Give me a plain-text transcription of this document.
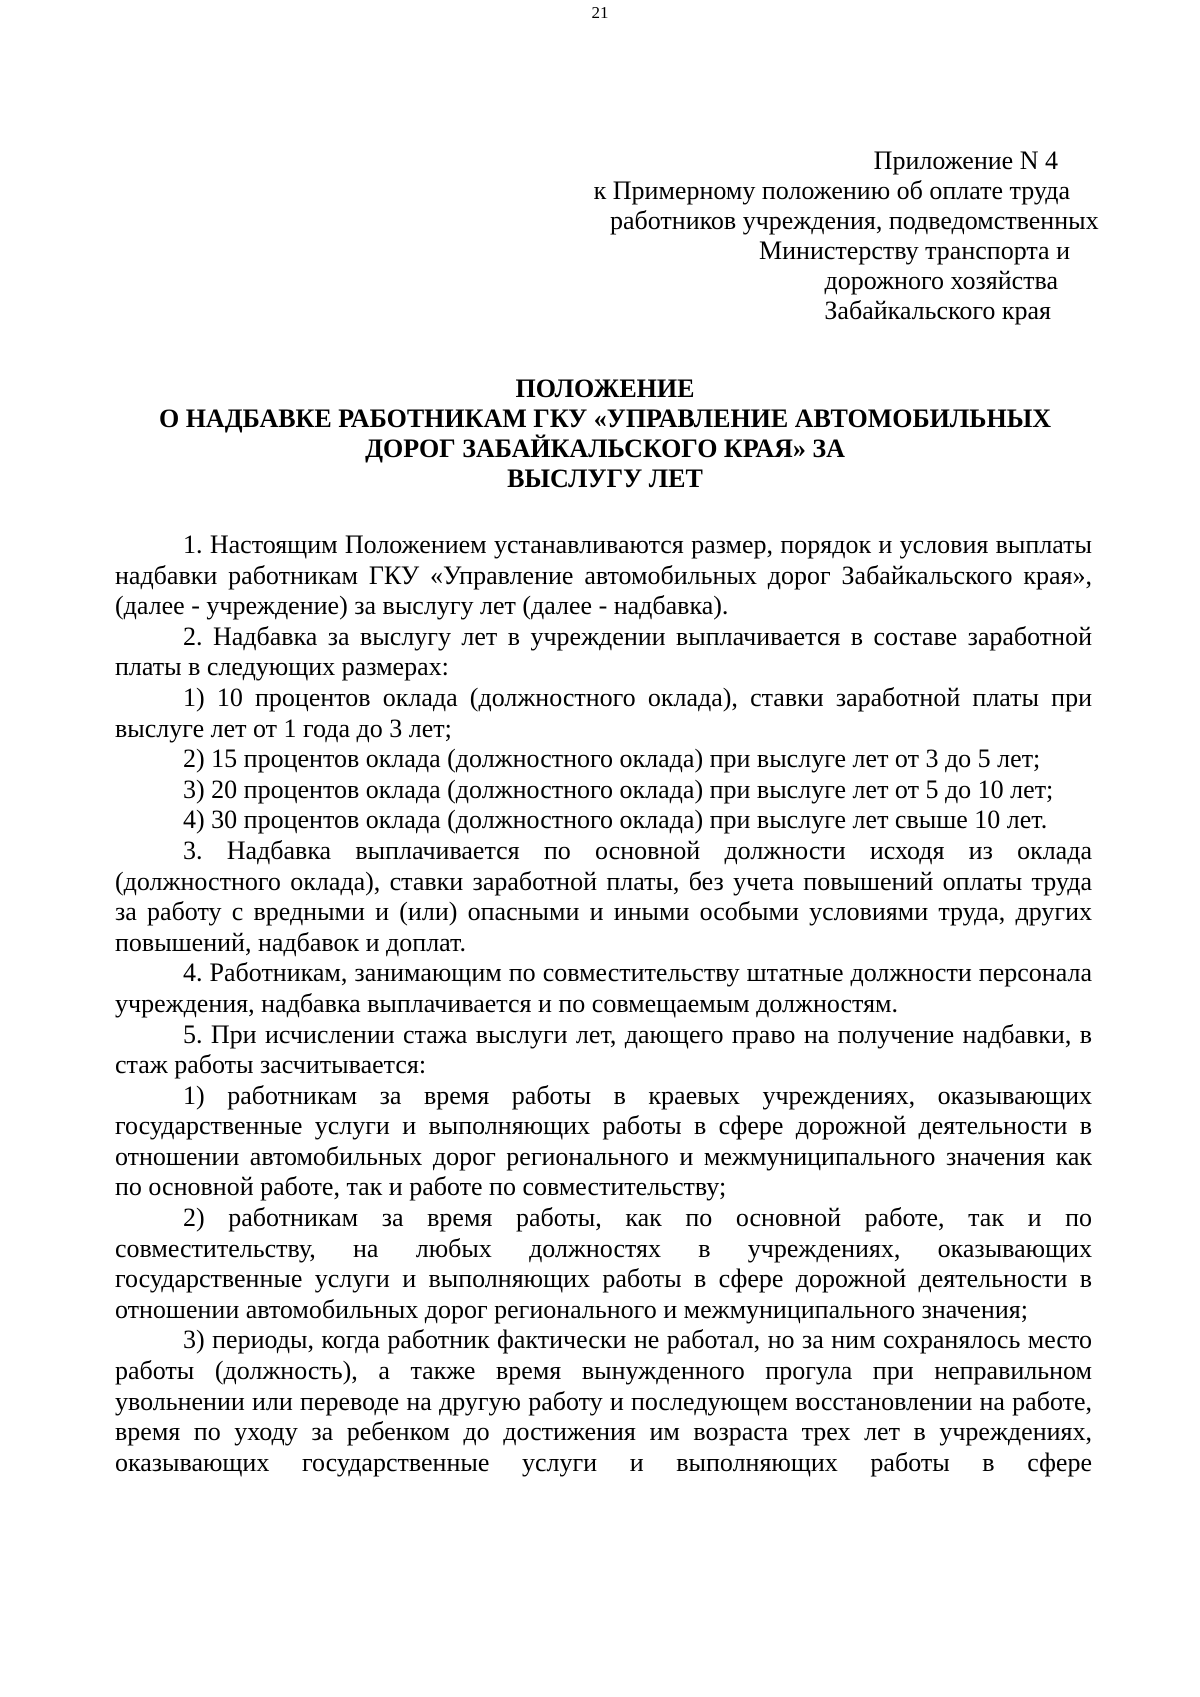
21
Приложение N 4
к Примерному положению об оплате труда
работников учреждения, подведомственных
Министерству транспорта и
дорожного хозяйства
Забайкальского края
ПОЛОЖЕНИЕ
О НАДБАВКЕ РАБОТНИКАМ ГКУ «УПРАВЛЕНИЕ АВТОМОБИЛЬНЫХ
ДОРОГ ЗАБАЙКАЛЬСКОГО КРАЯ» ЗА
ВЫСЛУГУ ЛЕТ

1. Настоящим Положением устанавливаются размер, порядок и условия выплаты надбавки работникам ГКУ «Управление автомобильных дорог Забайкальского края», (далее - учреждение) за выслугу лет (далее - надбавка).

2. Надбавка за выслугу лет в учреждении выплачивается в составе заработной платы в следующих размерах:

1) 10 процентов оклада (должностного оклада), ставки заработной платы при выслуге лет от 1 года до 3 лет;

2) 15 процентов оклада (должностного оклада) при выслуге лет от 3 до 5 лет;

3) 20 процентов оклада (должностного оклада) при выслуге лет от 5 до 10 лет;

4) 30 процентов оклада (должностного оклада) при выслуге лет свыше 10 лет.

3. Надбавка выплачивается по основной должности исходя из оклада (должностного оклада), ставки заработной платы, без учета повышений оплаты труда за работу с вредными и (или) опасными и иными особыми условиями труда, других повышений, надбавок и доплат.

4. Работникам, занимающим по совместительству штатные должности персонала учреждения, надбавка выплачивается и по совмещаемым должностям.

5. При исчислении стажа выслуги лет, дающего право на получение надбавки, в стаж работы засчитывается:

1) работникам за время работы в краевых учреждениях, оказывающих государственные услуги и выполняющих работы в сфере дорожной деятельности в отношении автомобильных дорог регионального и межмуниципального значения как по основной работе, так и работе по совместительству;

2) работникам за время работы, как по основной работе, так и по совместительству, на любых должностях в учреждениях, оказывающих государственные услуги и выполняющих работы в сфере дорожной деятельности в отношении автомобильных дорог регионального и межмуниципального значения;

3) периоды, когда работник фактически не работал, но за ним сохранялось место работы (должность), а также время вынужденного прогула при неправильном увольнении или переводе на другую работу и последующем восстановлении на работе, время по уходу за ребенком до достижения им возраста трех лет в учреждениях, оказывающих государственные услуги и выполняющих работы в сфере
